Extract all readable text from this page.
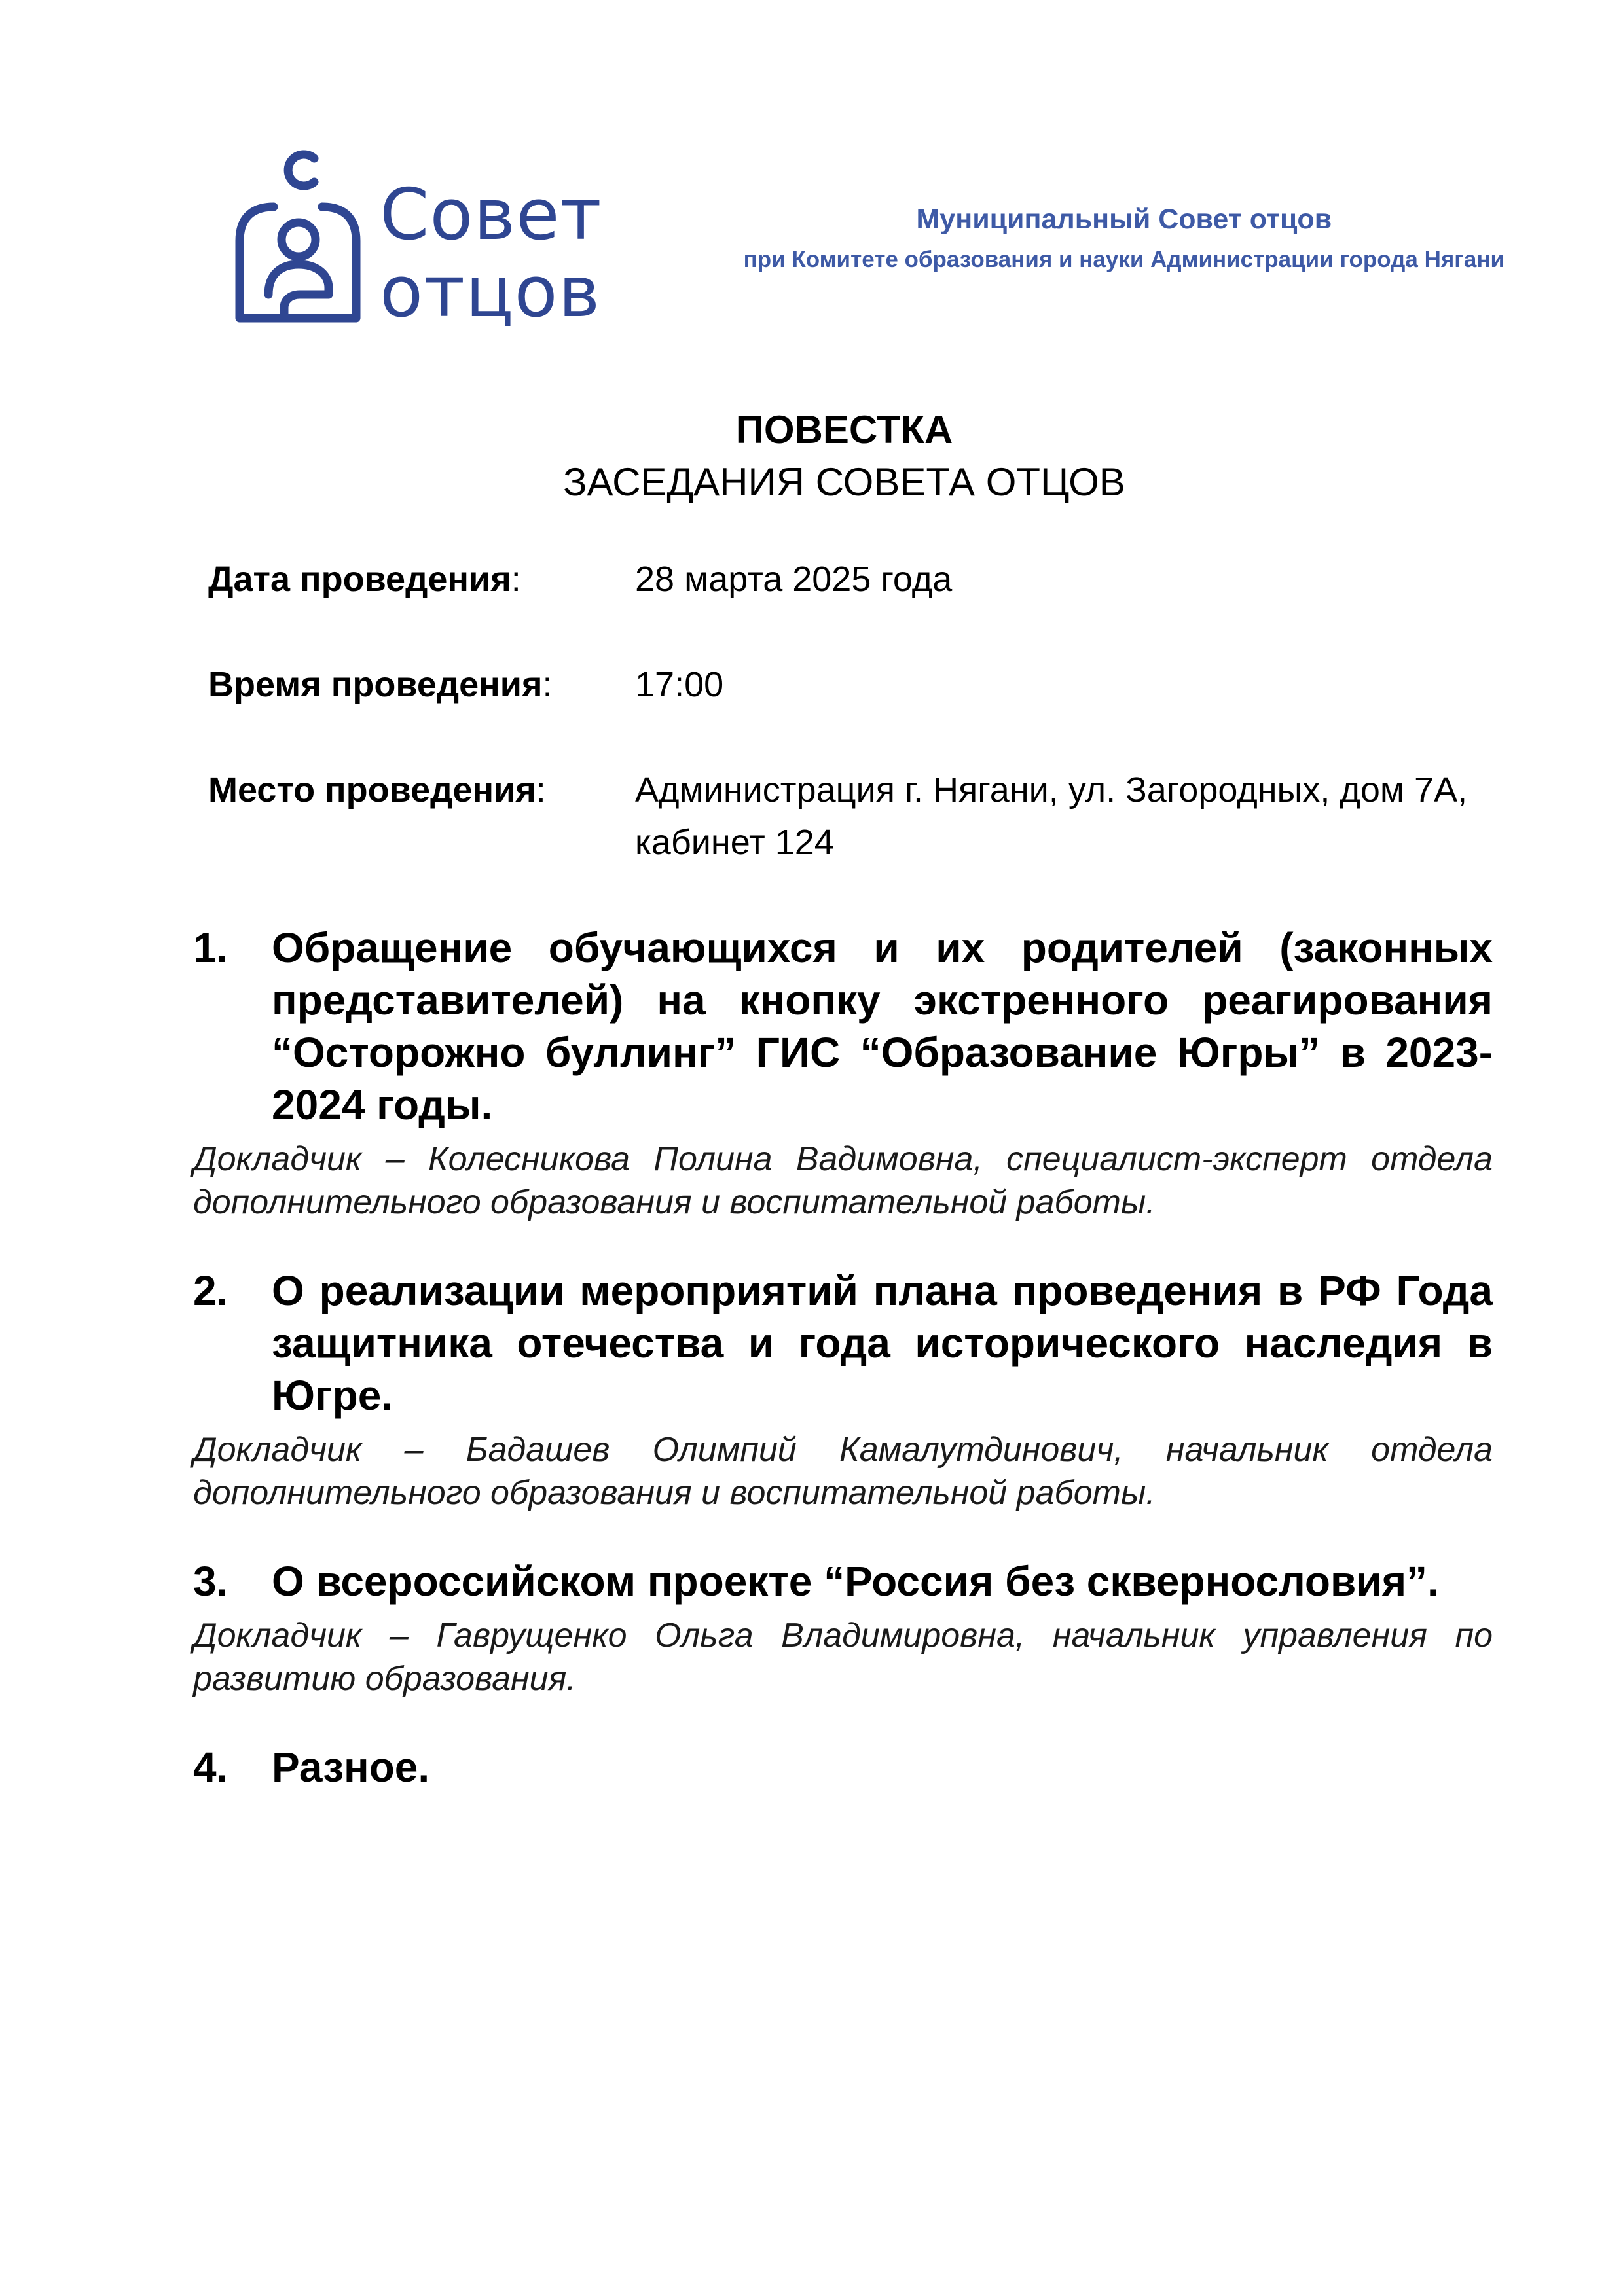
Совет
отцов
Муниципальный Совет отцов
при Комитете образования и науки Администрации города Нягани
ПОВЕСТКА
ЗАСЕДАНИЯ СОВЕТА ОТЦОВ
Дата проведения:	28 марта 2025 года
Время проведения: 17:00
Место проведения:	Администрация г. Нягани, ул. Загородных, дом 7А, кабинет 124
1. Обращение обучающихся и их родителей (законных представителей) на кнопку экстренного реагирования “Осторожно буллинг” ГИС “Образование Югры” в 2023-2024 годы.
Докладчик – Колесникова Полина Вадимовна, специалист-эксперт отдела дополнительного образования и воспитательной работы.
2. О реализации мероприятий плана проведения в РФ Года защитника отечества и года исторического наследия в Югре.
Докладчик – Бадашев Олимпий Камалутдинович, начальник отдела дополнительного образования и воспитательной работы.
3. О всероссийском проекте “Россия без сквернословия”.
Докладчик – Гаврущенко Ольга Владимировна, начальник управления по развитию образования.
4. Разное.
